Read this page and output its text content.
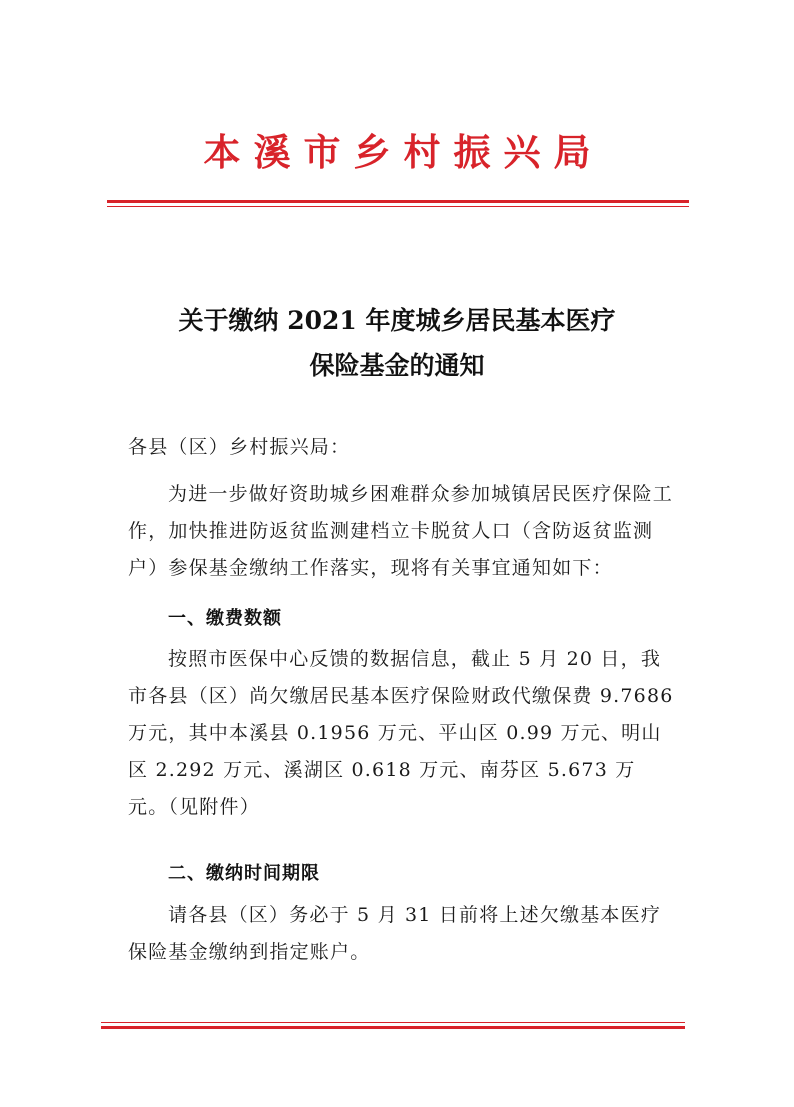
本溪市乡村振兴局
关于缴纳 2021 年度城乡居民基本医疗
保险基金的通知
各县（区）乡村振兴局：
为进一步做好资助城乡困难群众参加城镇居民医疗保险工作，加快推进防返贫监测建档立卡脱贫人口（含防返贫监测户）参保基金缴纳工作落实，现将有关事宜通知如下：
一、缴费数额
按照市医保中心反馈的数据信息，截止 5 月 20 日，我市各县（区）尚欠缴居民基本医疗保险财政代缴保费 9.7686 万元，其中本溪县 0.1956 万元、平山区 0.99 万元、明山区 2.292 万元、溪湖区 0.618 万元、南芬区 5.673 万元。（见附件）
二、缴纳时间期限
请各县（区）务必于 5 月 31 日前将上述欠缴基本医疗保险基金缴纳到指定账户。
